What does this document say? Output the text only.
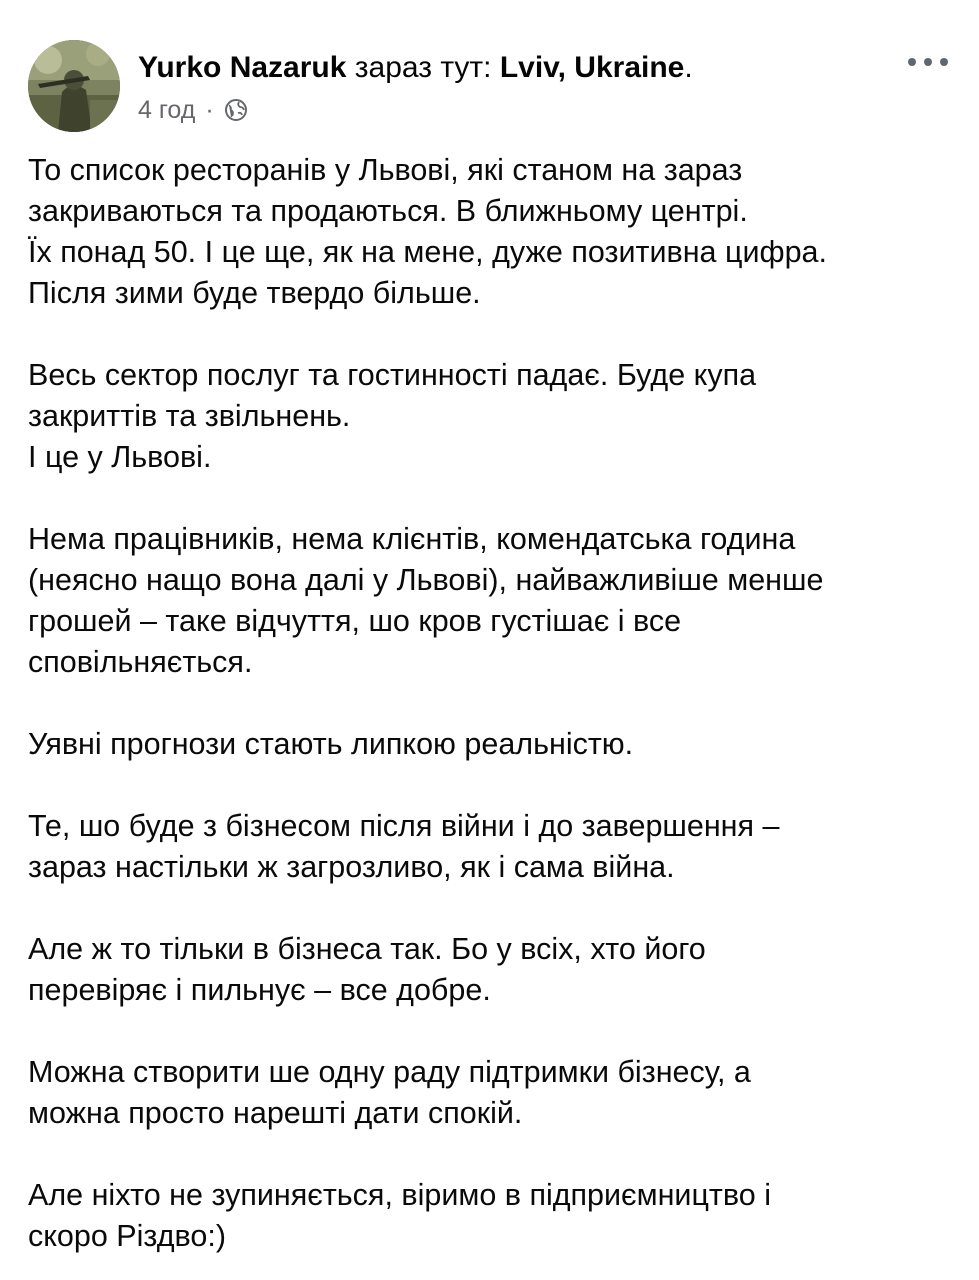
Yurko Nazaruk зараз тут: Lviv, Ukraine.
4 год ·
То список ресторанів у Львові, які станом на зараз
закриваються та продаються. В ближньому центрі.
Їх понад 50. І це ще, як на мене, дуже позитивна цифра.
Після зими буде твердо більше.
Весь сектор послуг та гостинності падає. Буде купа
закриттів та звільнень.
І це у Львові.
Нема працівників, нема клієнтів, комендатська година
(неясно нащо вона далі у Львові), найважливіше менше
грошей – таке відчуття, шо кров густішає і все
сповільняється.
Уявні прогнози стають липкою реальністю.
Те, шо буде з бізнесом після війни і до завершення –
зараз настільки ж загрозливо, як і сама війна.
Але ж то тільки в бізнеса так. Бо у всіх, хто його
перевіряє і пильнує – все добре.
Можна створити ше одну раду підтримки бізнесу, а
можна просто нарешті дати спокій.
Але ніхто не зупиняється, віримо в підприємництво і
скоро Різдво:)
